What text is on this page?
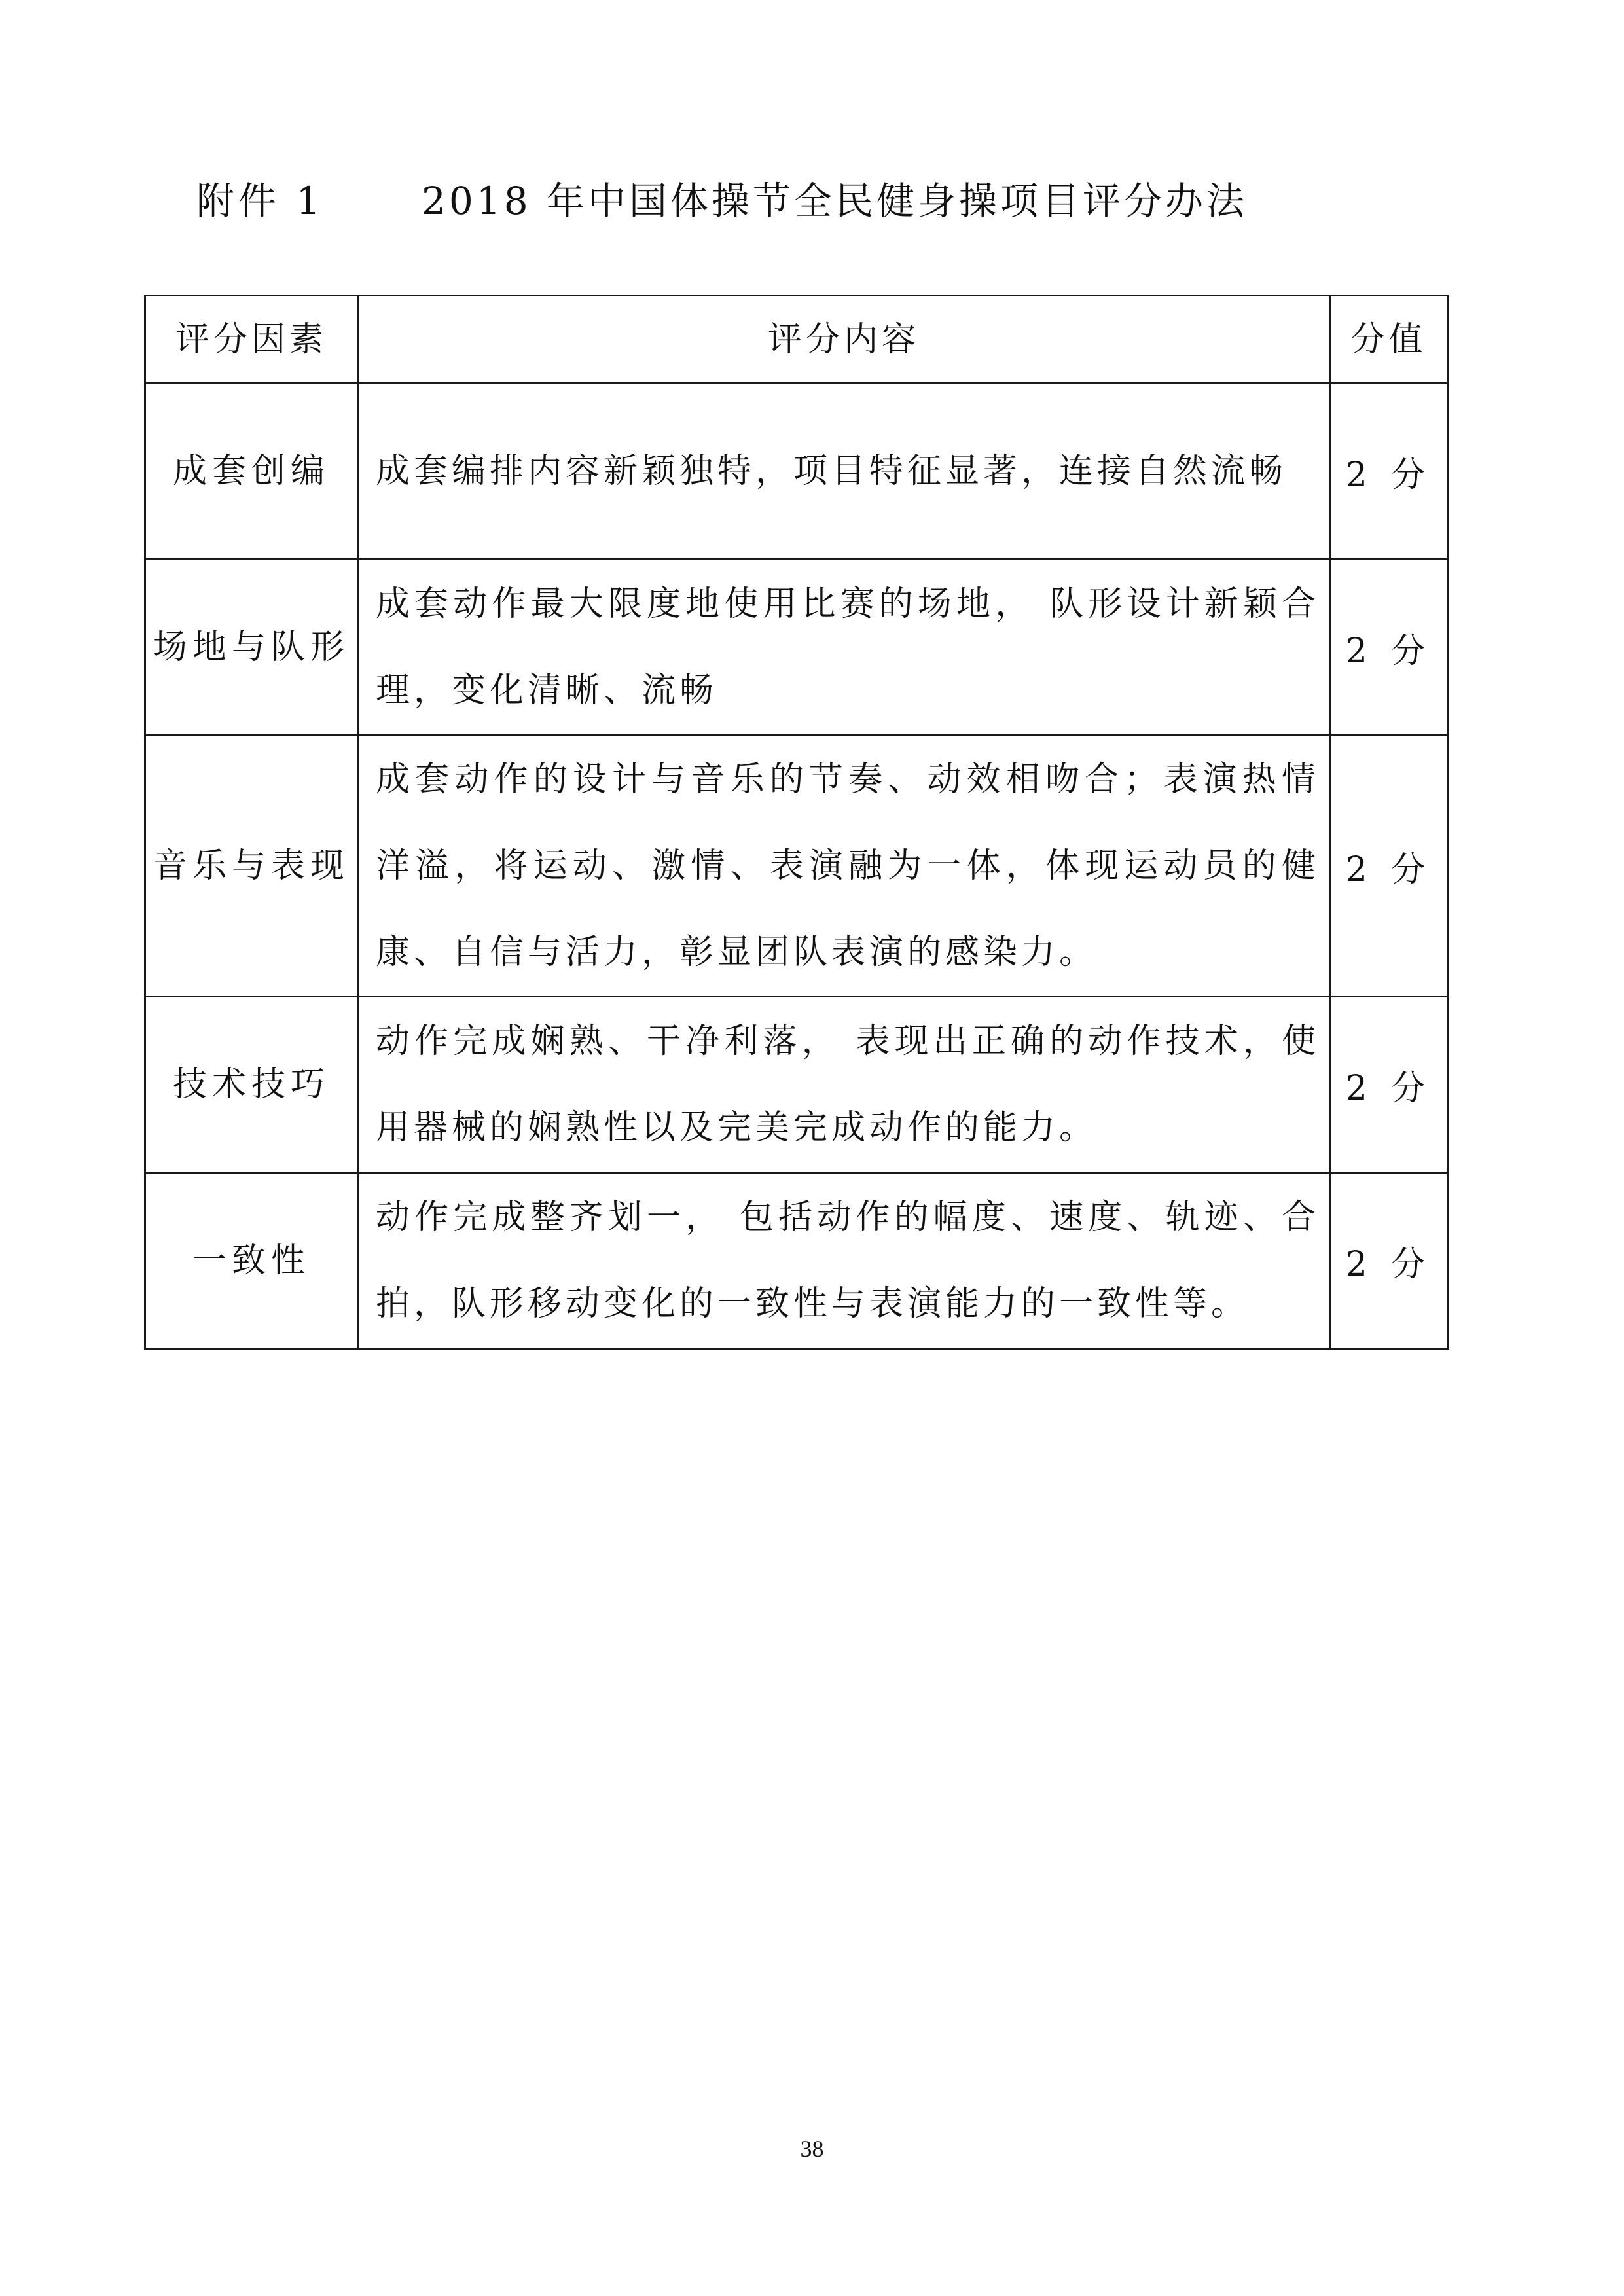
附件 1	2018 年中国体操节全民健身操项目评分办法
评分因素	评分内容	分值
成套创编	成套编排内容新颖独特，项目特征显著，连接自然流畅	2 分
场地与队形	成套动作最大限度地使用比赛的场地， 队形设计新颖合理，变化清晰、流畅	2 分
音乐与表现	成套动作的设计与音乐的节奏、动效相吻合；表演热情洋溢，将运动、激情、表演融为一体，体现运动员的健康、自信与活力，彰显团队表演的感染力。	2 分
技术技巧	动作完成娴熟、干净利落， 表现出正确的动作技术，使用器械的娴熟性以及完美完成动作的能力。	2 分
一致性	动作完成整齐划一， 包括动作的幅度、速度、轨迹、合拍，队形移动变化的一致性与表演能力的一致性等。	2 分
38
